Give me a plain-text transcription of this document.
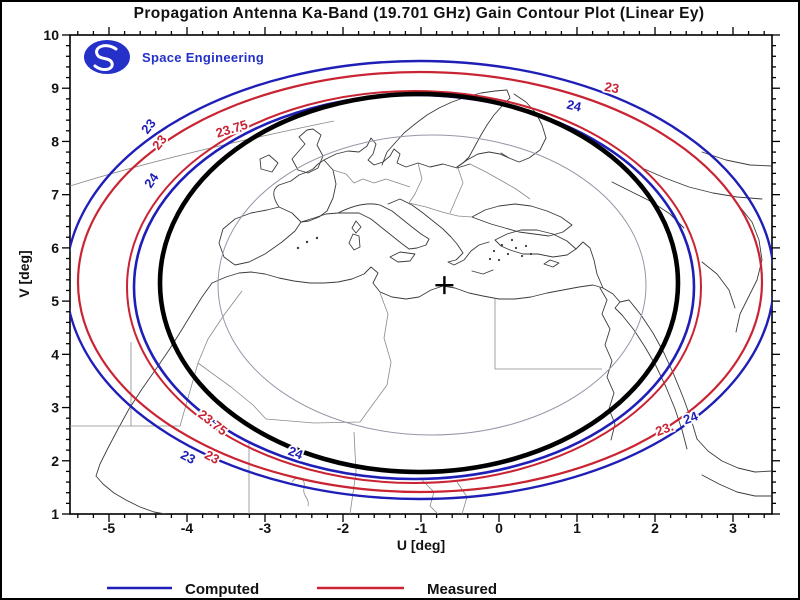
Propagation Antenna Ka-Band (19.701 GHz) Gain Contour Plot (Linear Ey)
-5	-4	-3	-2	-1	0	1	2	3
1
2
3
4
5
6
7
8
9
10
23
23
23.75
24
23
24
23.75
23 23	24
23.
24
Space Engineering
U [deg]
V [deg]
Computed	Measured
